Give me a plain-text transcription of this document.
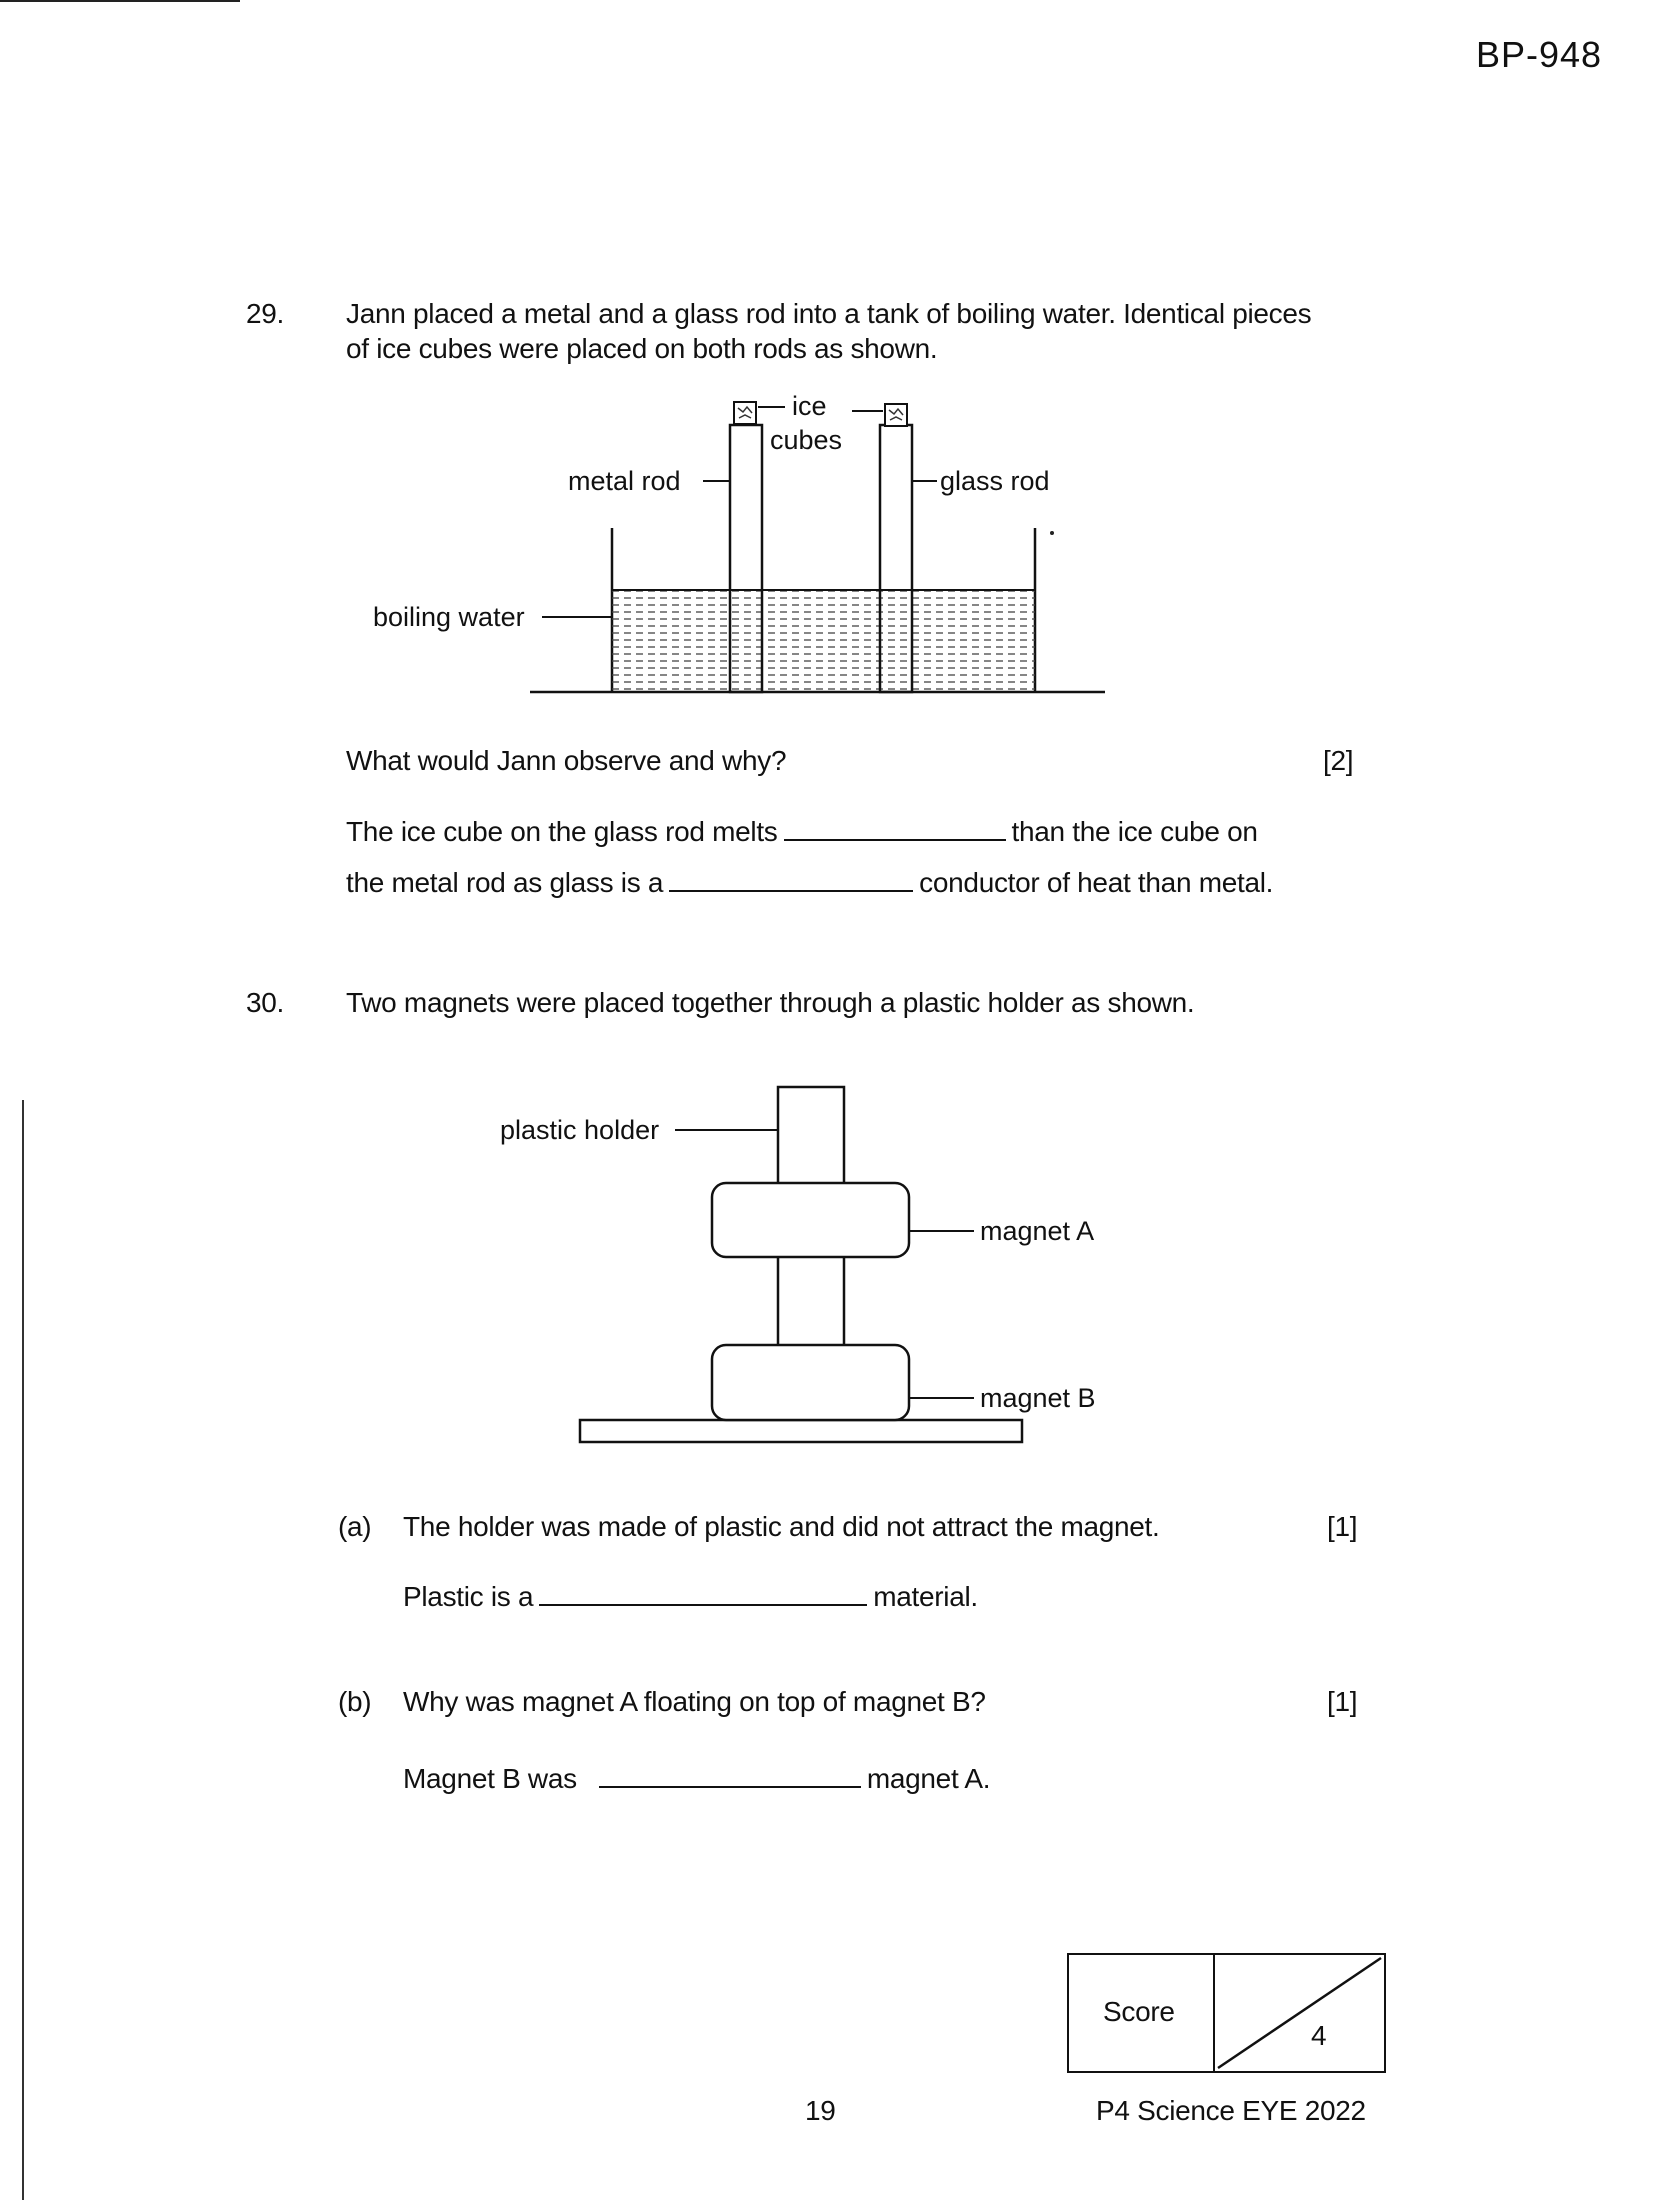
BP-948
29. Jann placed a metal and a glass rod into a tank of boiling water. Identical pieces
of ice cubes were placed on both rods as shown.
ice
cubes
metal rod	glass rod
boiling water
What would Jann observe and why?	[2]
The ice cube on the glass rod melts	than the ice cube on
the metal rod as glass is a	conductor of heat than metal.
30. Two magnets were placed together through a plastic holder as shown.
plastic holder
magnet A
magnet B
(a) The holder was made of plastic and did not attract the magnet.	[1]
Plastic is a	material.
(b) Why was magnet A floating on top of magnet B?	[1]
Magnet B was	magnet A.
Score
4
19	P4 Science EYE 2022
